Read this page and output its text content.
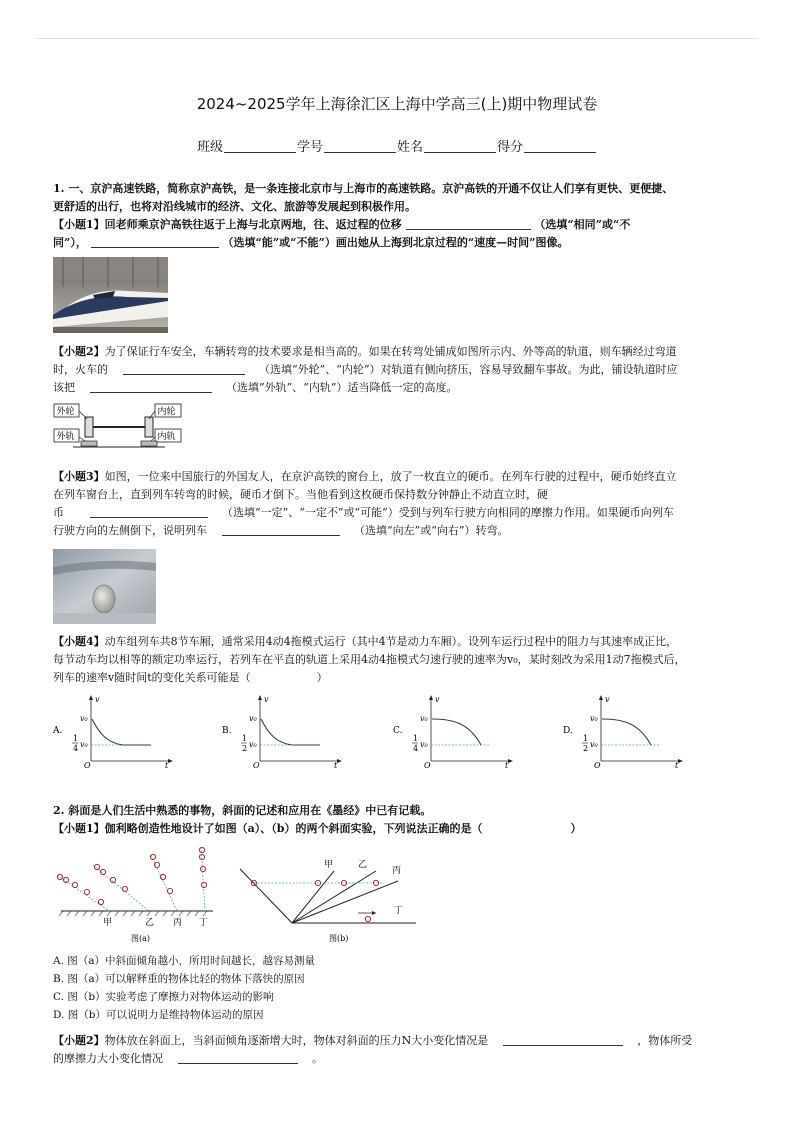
2024~2025学年上海徐汇区上海中学高三(上)期中物理试卷
班级	学号	姓名	得分
1. 一、京沪高速铁路，简称京沪高铁，是一条连接北京市与上海市的高速铁路。京沪高铁的开通不仅让人们享有更快、更便捷、
更舒适的出行，也将对沿线城市的经济、文化、旅游等发展起到积极作用。
【小题1】回老师乘京沪高铁往返于上海与北京两地，往、返过程的位移	（选填“相同”或“不
同”），	（选填“能”或“不能”）画出她从上海到北京过程的“速度—时间”图像。
【小题2】为了保证行车安全，车辆转弯的技术要求是相当高的。如果在转弯处铺成如图所示内、外等高的轨道，则车辆经过弯道
时，火车的　 　	（选填“外轮”、“内轮”）对轨道有侧向挤压，容易导致翻车事故。为此，铺设轨道时应
该把　 　	（选填“外轨”、“内轨”）适当降低一定的高度。
外轮	内轮
外轨	内轨
【小题3】如图，一位来中国旅行的外国友人，在京沪高铁的窗台上，放了一枚直立的硬币。在列车行驶的过程中，硬币始终直立
在列车窗台上，直到列车转弯的时候，硬币才倒下。当他看到这枚硬币保持数分钟静止不动直立时，硬
币　　 　	（选填“一定”、“一定不”或“可能”）受到与列车行驶方向相同的摩擦力作用。如果硬币向列车
行驶方向的左侧倒下，说明列车　 　	（选填“向左”或“向右”）转弯。
【小题4】动车组列车共8节车厢，通常采用4动4拖模式运行（其中4节是动力车厢）。设列车运行过程中的阻力与其速率成正比，
每节动车均以相等的额定功率运行，若列车在平直的轨道上采用4动4拖模式匀速行驶的速率为v₀，某时刻改为采用1动7拖模式后，
列车的速率v随时间t的变化关系可能是（　　　　　　）
A.
v
t
O
v₀
1
4 v₀
B.
v
t
O
v₀
1
2 v₀
C.
v
t
O
v₀
1
4 v₀
D.
v
t
O
v₀
1
2 v₀
2. 斜面是人们生活中熟悉的事物，斜面的记述和应用在《墨经》中已有记载。
【小题1】伽利略创造性地设计了如图（a）、（b）的两个斜面实验，下列说法正确的是（　　　　　　　　）
甲	乙 丙 丁
图(a)
甲	乙
丙
丁
图(b)
A. 图（a）中斜面倾角越小，所用时间越长，越容易测量
B. 图（a）可以解释重的物体比轻的物体下落快的原因
C. 图（b）实验考虑了摩擦力对物体运动的影响
D. 图（b）可以说明力是维持物体运动的原因
【小题2】物体放在斜面上，当斜面倾角逐渐增大时，物体对斜面的压力N大小变化情况是　 　	，物体所受
的摩擦力大小变化情况　 　	。
